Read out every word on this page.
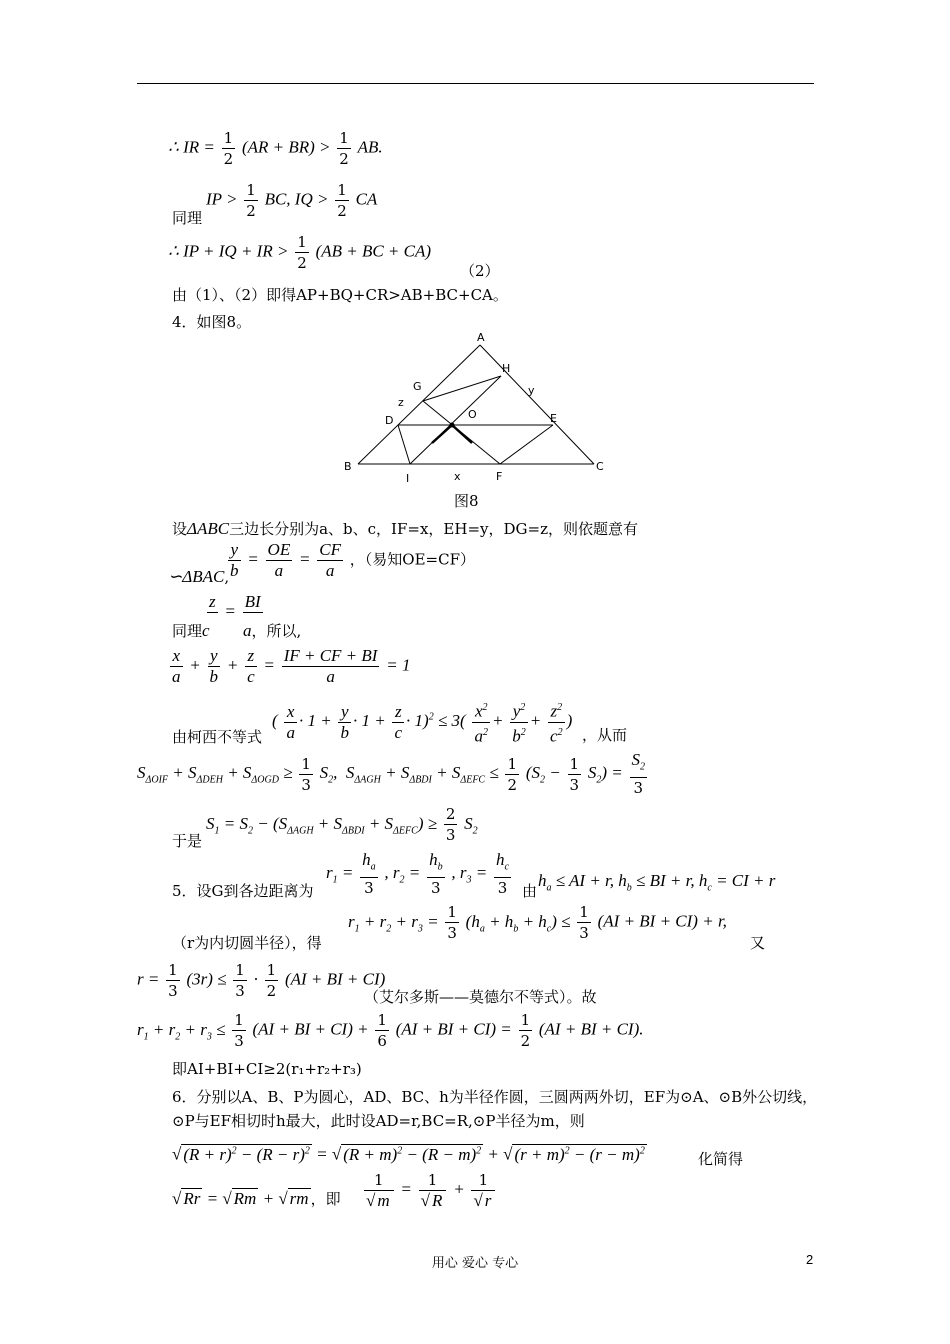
∴ IR = $\frac{1}{2} (AR + BR) > \frac{1}{2}$ AB.
IP > $\frac{1}{2}$ BC, IQ > $\frac{1}{2}$ CA
同理
∴ IP + IQ + IR > $\frac{1}{2} (AB$ + BC + CA)
（2）
由（1）、（2）即得AP+BQ+CR>AB+BC+CA。
4．如图8。
A
H
y
G
z
O
D	E
B	C
I	x	F
图8
设ΔABC三边长分别为a、b、c，IF=x，EH=y，DG=z，则依题意有
$\frac{y}{b} = \frac{OE}{a} = \frac{CF}{a}$ ，（易知OE=CF）
∽ΔBAC,
z
= BI

同理c a，所以,
$\frac{x}{a} + \frac{y}{b} + \frac{z}{c} = \frac{IF + CF + BI}{a} = 1$
( $\frac{x}{a} \cdot 1 + \frac{y}{b} \cdot 1 + \frac{z}{c} \cdot 1)^2 \le 3( \frac{x^2}{a^2} + \frac{y^2}{b^2} + \frac{z^2}{c^2}$ )
由柯西不等式	，从而
$S_{\Delta OIF} + S_{\Delta DEH} + S_{\Delta OGD} \ge \frac{1}{3} S_2$,  $S_{\Delta AGH} + S_{\Delta BDI} + S_{\Delta EFC} \le \frac{1}{2} (S_2 - \frac{1}{3} S_2) = \frac{S_2}{3}$
$S_1 = S_2 - (S_{\Delta AGH} + S_{\Delta BDI} + S_{\Delta EFC}) \ge \frac{2}{3} S_2$
于是
$r_1 = \frac{h_a}{3}$ , $r_2 = \frac{h_b}{3}$ , $r_3 = \frac{h_c}{3}$
5．设G到各边距离为	由
$h_a$ ≤ AI + r, $h_b$ ≤ BI + r, $h_c$ = CI + r
$r_1 + r_2 + r_3 = \frac{1}{3} (h_a + h_b + h_c) \le \frac{1}{3} (AI$ + BI + CI) + r,
（r为内切圆半径），得	又
$r = \frac{1}{3} (3r) \le \frac{1}{3} \cdot \frac{1}{2} (AI$ + BI + CI)
（艾尔多斯——莫德尔不等式）。故
$r_1 + r_2 + r_3 \le \frac{1}{3} (AI$ + BI + $CI) + \frac{1}{6} (AI$ + BI + $CI) = \frac{1}{2} (AI$ + BI + CI).
即AI+BI+CI≥2(r₁+r₂+r₃)
6．分别以A、B、P为圆心，AD、BC、h为半径作圆，三圆两两外切，EF为⊙A、⊙B外公切线，
⊙P与EF相切时h最大，此时设AD=r,BC=R,⊙P半径为m，则
√ $(R + r)^2 - (R - r)^2$ = √ $(R + m)^2 - (R - m)^2$ + √ $(r + m)^2 - (r - m)^2$	化简得
√ Rr = √ Rm + √ rm ，即 $\frac{1}{√ m} = \frac{1}{√ R} + \frac{1}{√ r}$
用心 爱心 专心	2
